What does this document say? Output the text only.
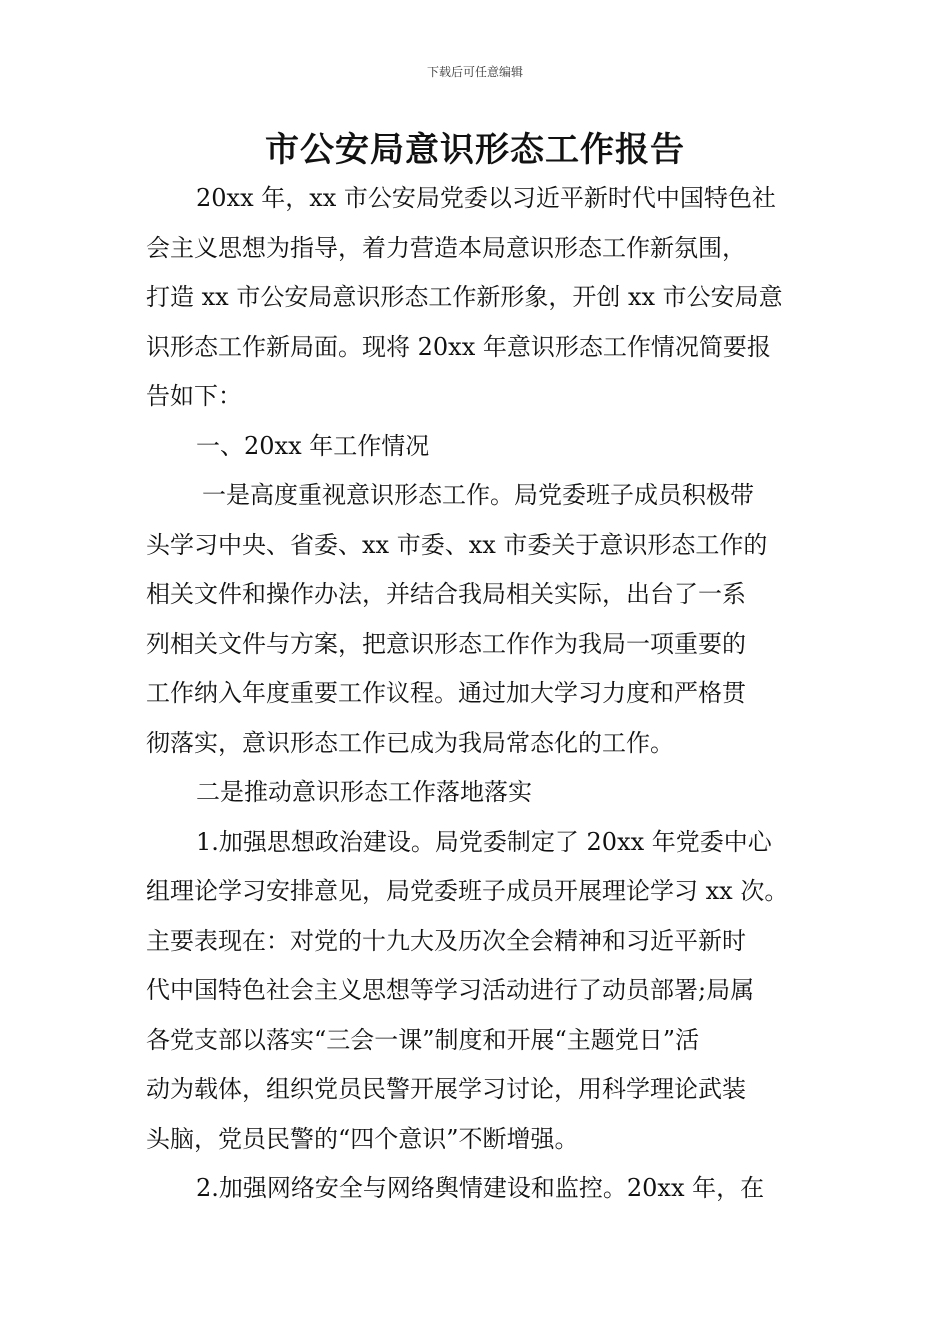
下载后可任意编辑
市公安局意识形态工作报告
20xx 年，xx 市公安局党委以习近平新时代中国特色社
会主义思想为指导，着力营造本局意识形态工作新氛围，
打造 xx 市公安局意识形态工作新形象，开创 xx 市公安局意
识形态工作新局面。现将 20xx 年意识形态工作情况简要报
告如下：
一、20xx 年工作情况
一是高度重视意识形态工作。局党委班子成员积极带
头学习中央、省委、xx 市委、xx 市委关于意识形态工作的
相关文件和操作办法，并结合我局相关实际，出台了一系
列相关文件与方案，把意识形态工作作为我局一项重要的
工作纳入年度重要工作议程。通过加大学习力度和严格贯
彻落实，意识形态工作已成为我局常态化的工作。
二是推动意识形态工作落地落实
1.加强思想政治建设。局党委制定了 20xx 年党委中心
组理论学习安排意见，局党委班子成员开展理论学习 xx 次。
主要表现在：对党的十九大及历次全会精神和习近平新时
代中国特色社会主义思想等学习活动进行了动员部署;局属
各党支部以落实“三会一课”制度和开展“主题党日”活
动为载体，组织党员民警开展学习讨论，用科学理论武装
头脑，党员民警的“四个意识”不断增强。
2.加强网络安全与网络舆情建设和监控。20xx 年，在
